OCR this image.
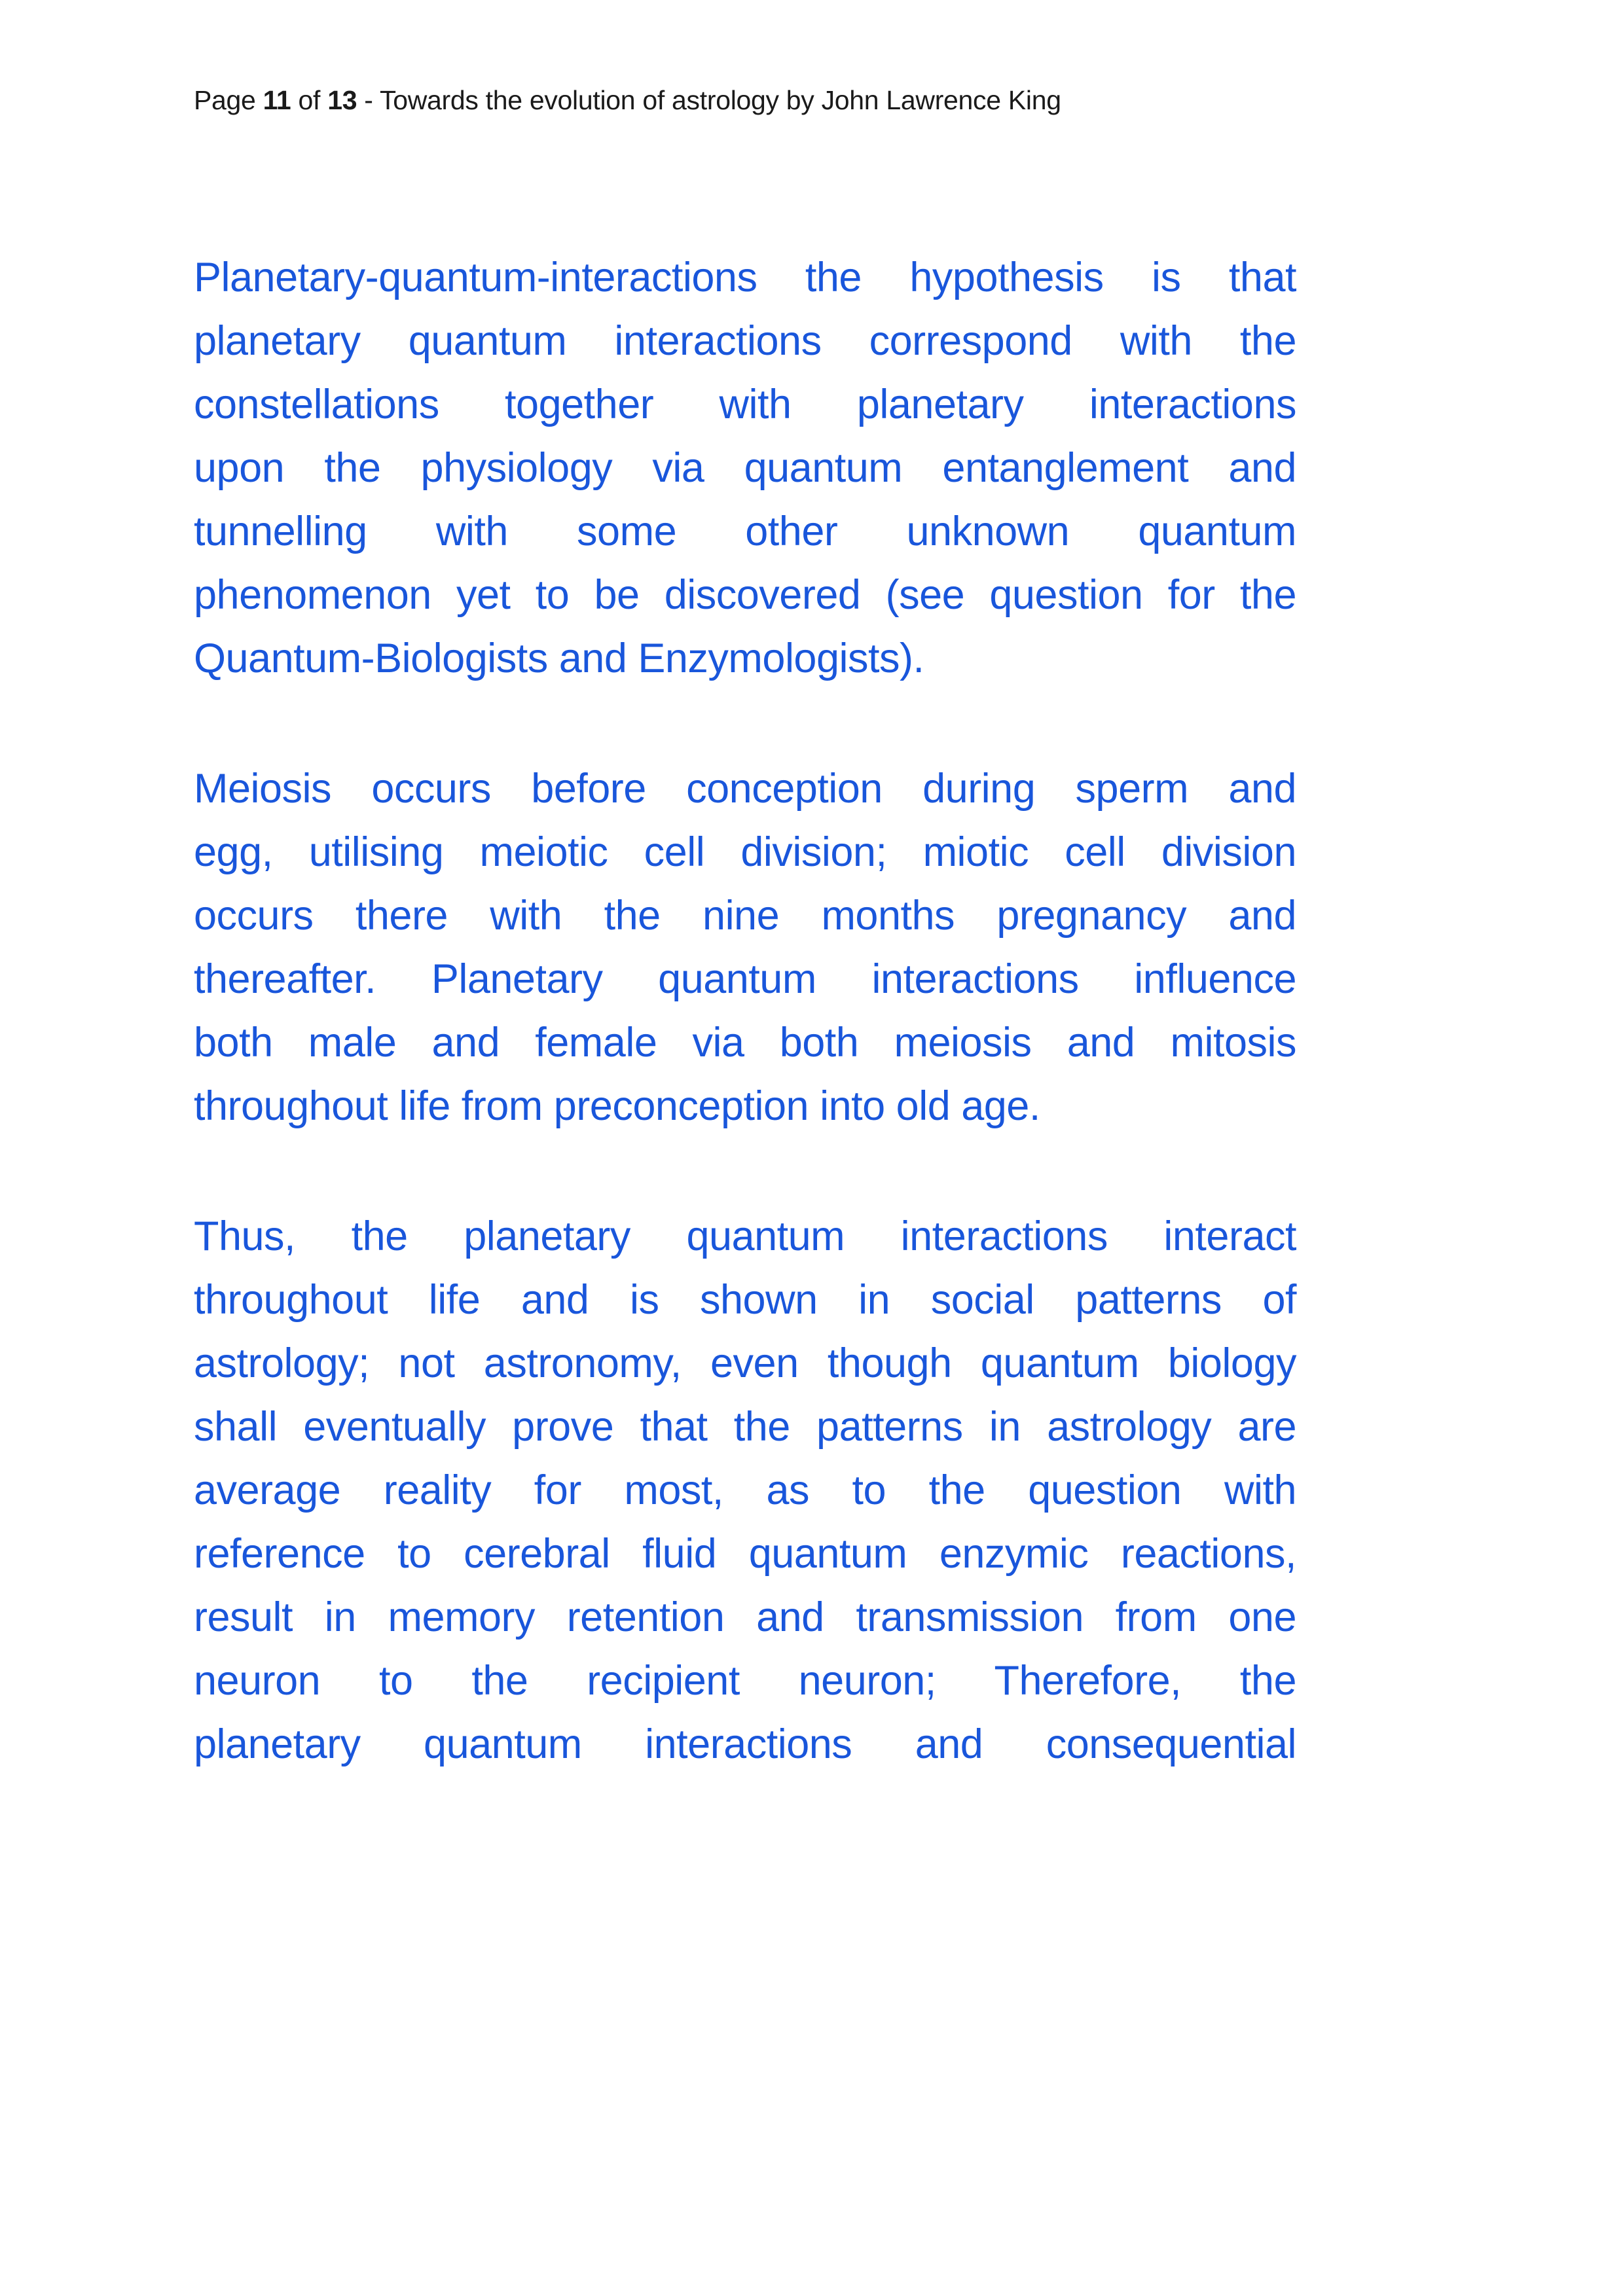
Page 11 of 13 - Towards the evolution of astrology by John Lawrence King
Planetary-quantum-interactions the hypothesis is that
planetary quantum interactions correspond with the
constellations together with planetary interactions
upon the physiology via quantum entanglement and
tunnelling with some other unknown quantum
phenomenon yet to be discovered (see question for the
Quantum-Biologists and Enzymologists).
Meiosis occurs before conception during sperm and
egg, utilising meiotic cell division; miotic cell division
occurs there with the nine months pregnancy and
thereafter. Planetary quantum interactions influence
both male and female via both meiosis and mitosis
throughout life from preconception into old age.
Thus, the planetary quantum interactions interact
throughout life and is shown in social patterns of
astrology; not astronomy, even though quantum biology
shall eventually prove that the patterns in astrology are
average reality for most, as to the question with
reference to cerebral fluid quantum enzymic reactions,
result in memory retention and transmission from one
neuron to the recipient neuron; Therefore, the
planetary quantum interactions and consequential
